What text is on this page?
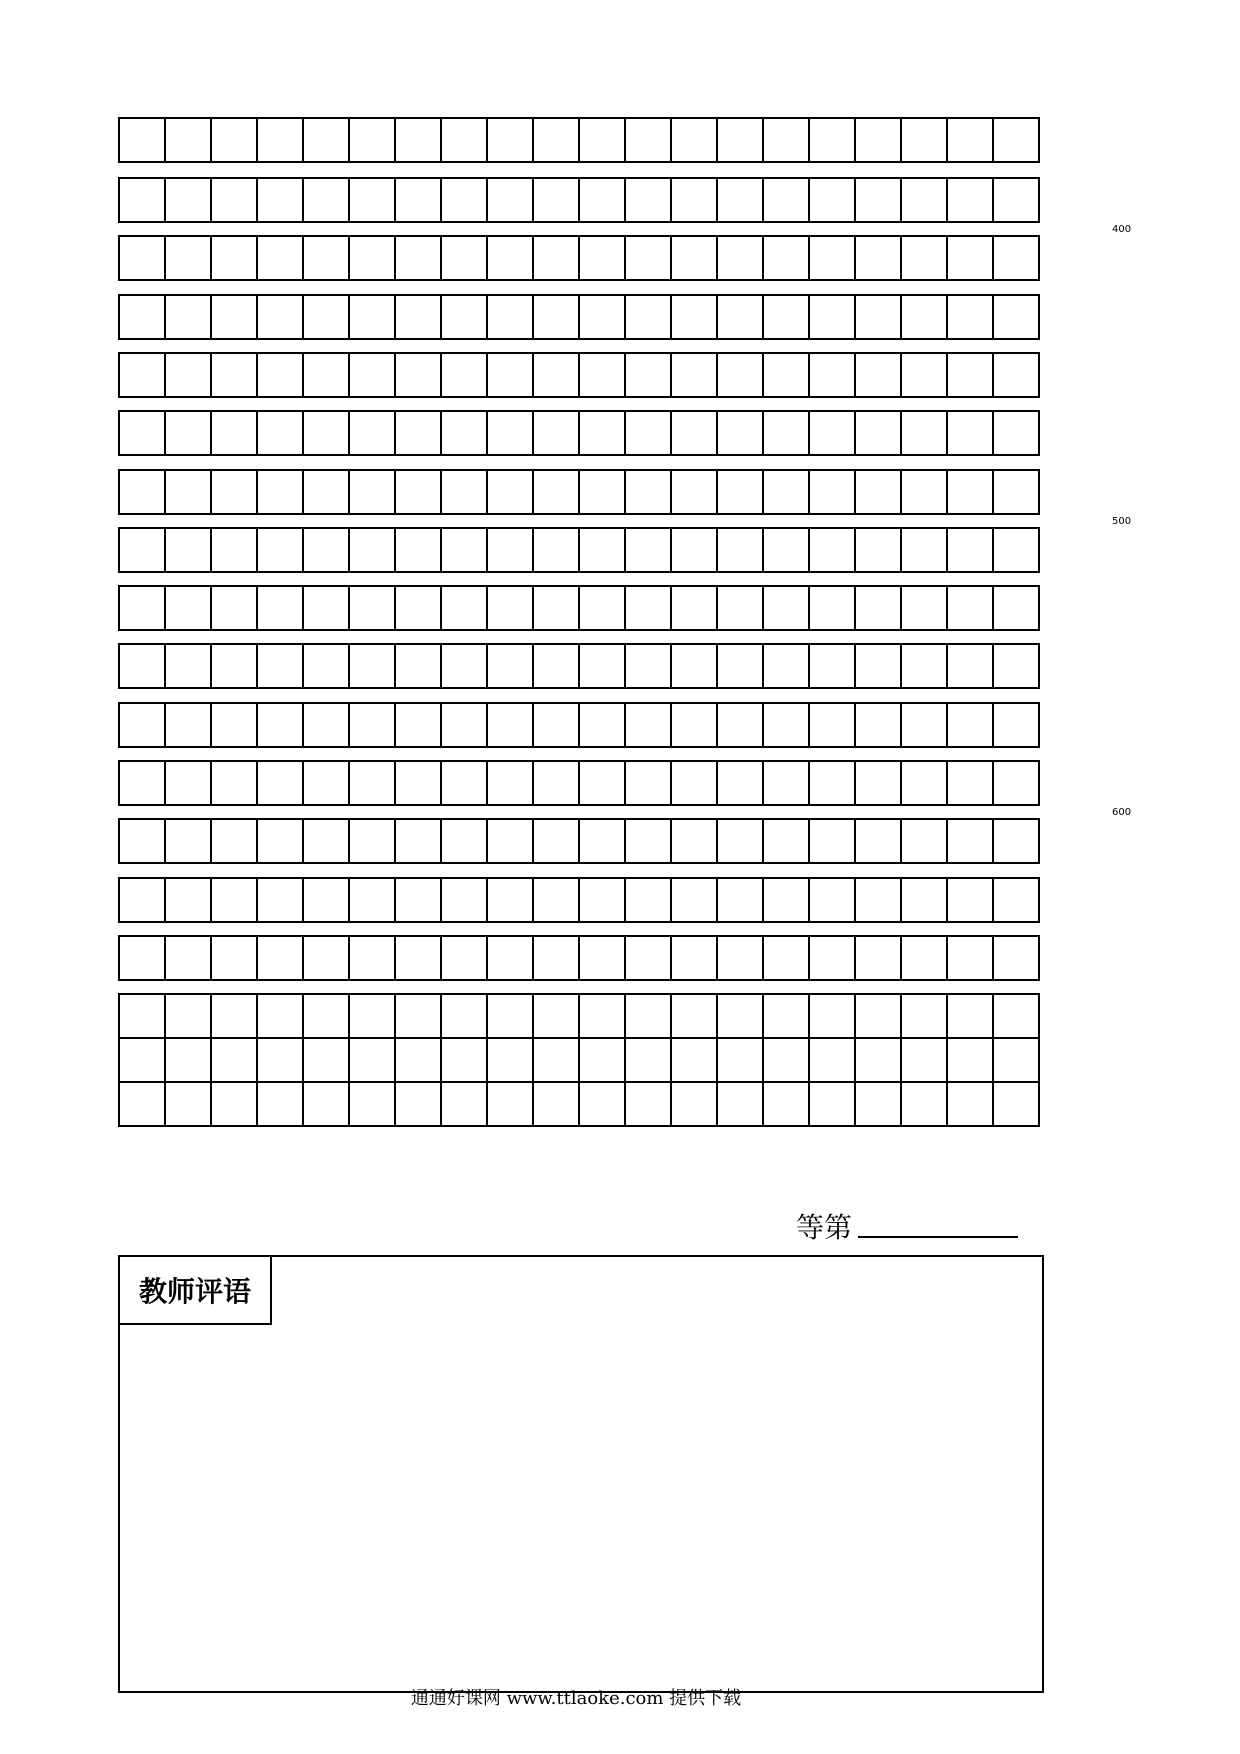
400
500
600
等第
教师评语
通通好课网 www.ttlaoke.com 提供下载
